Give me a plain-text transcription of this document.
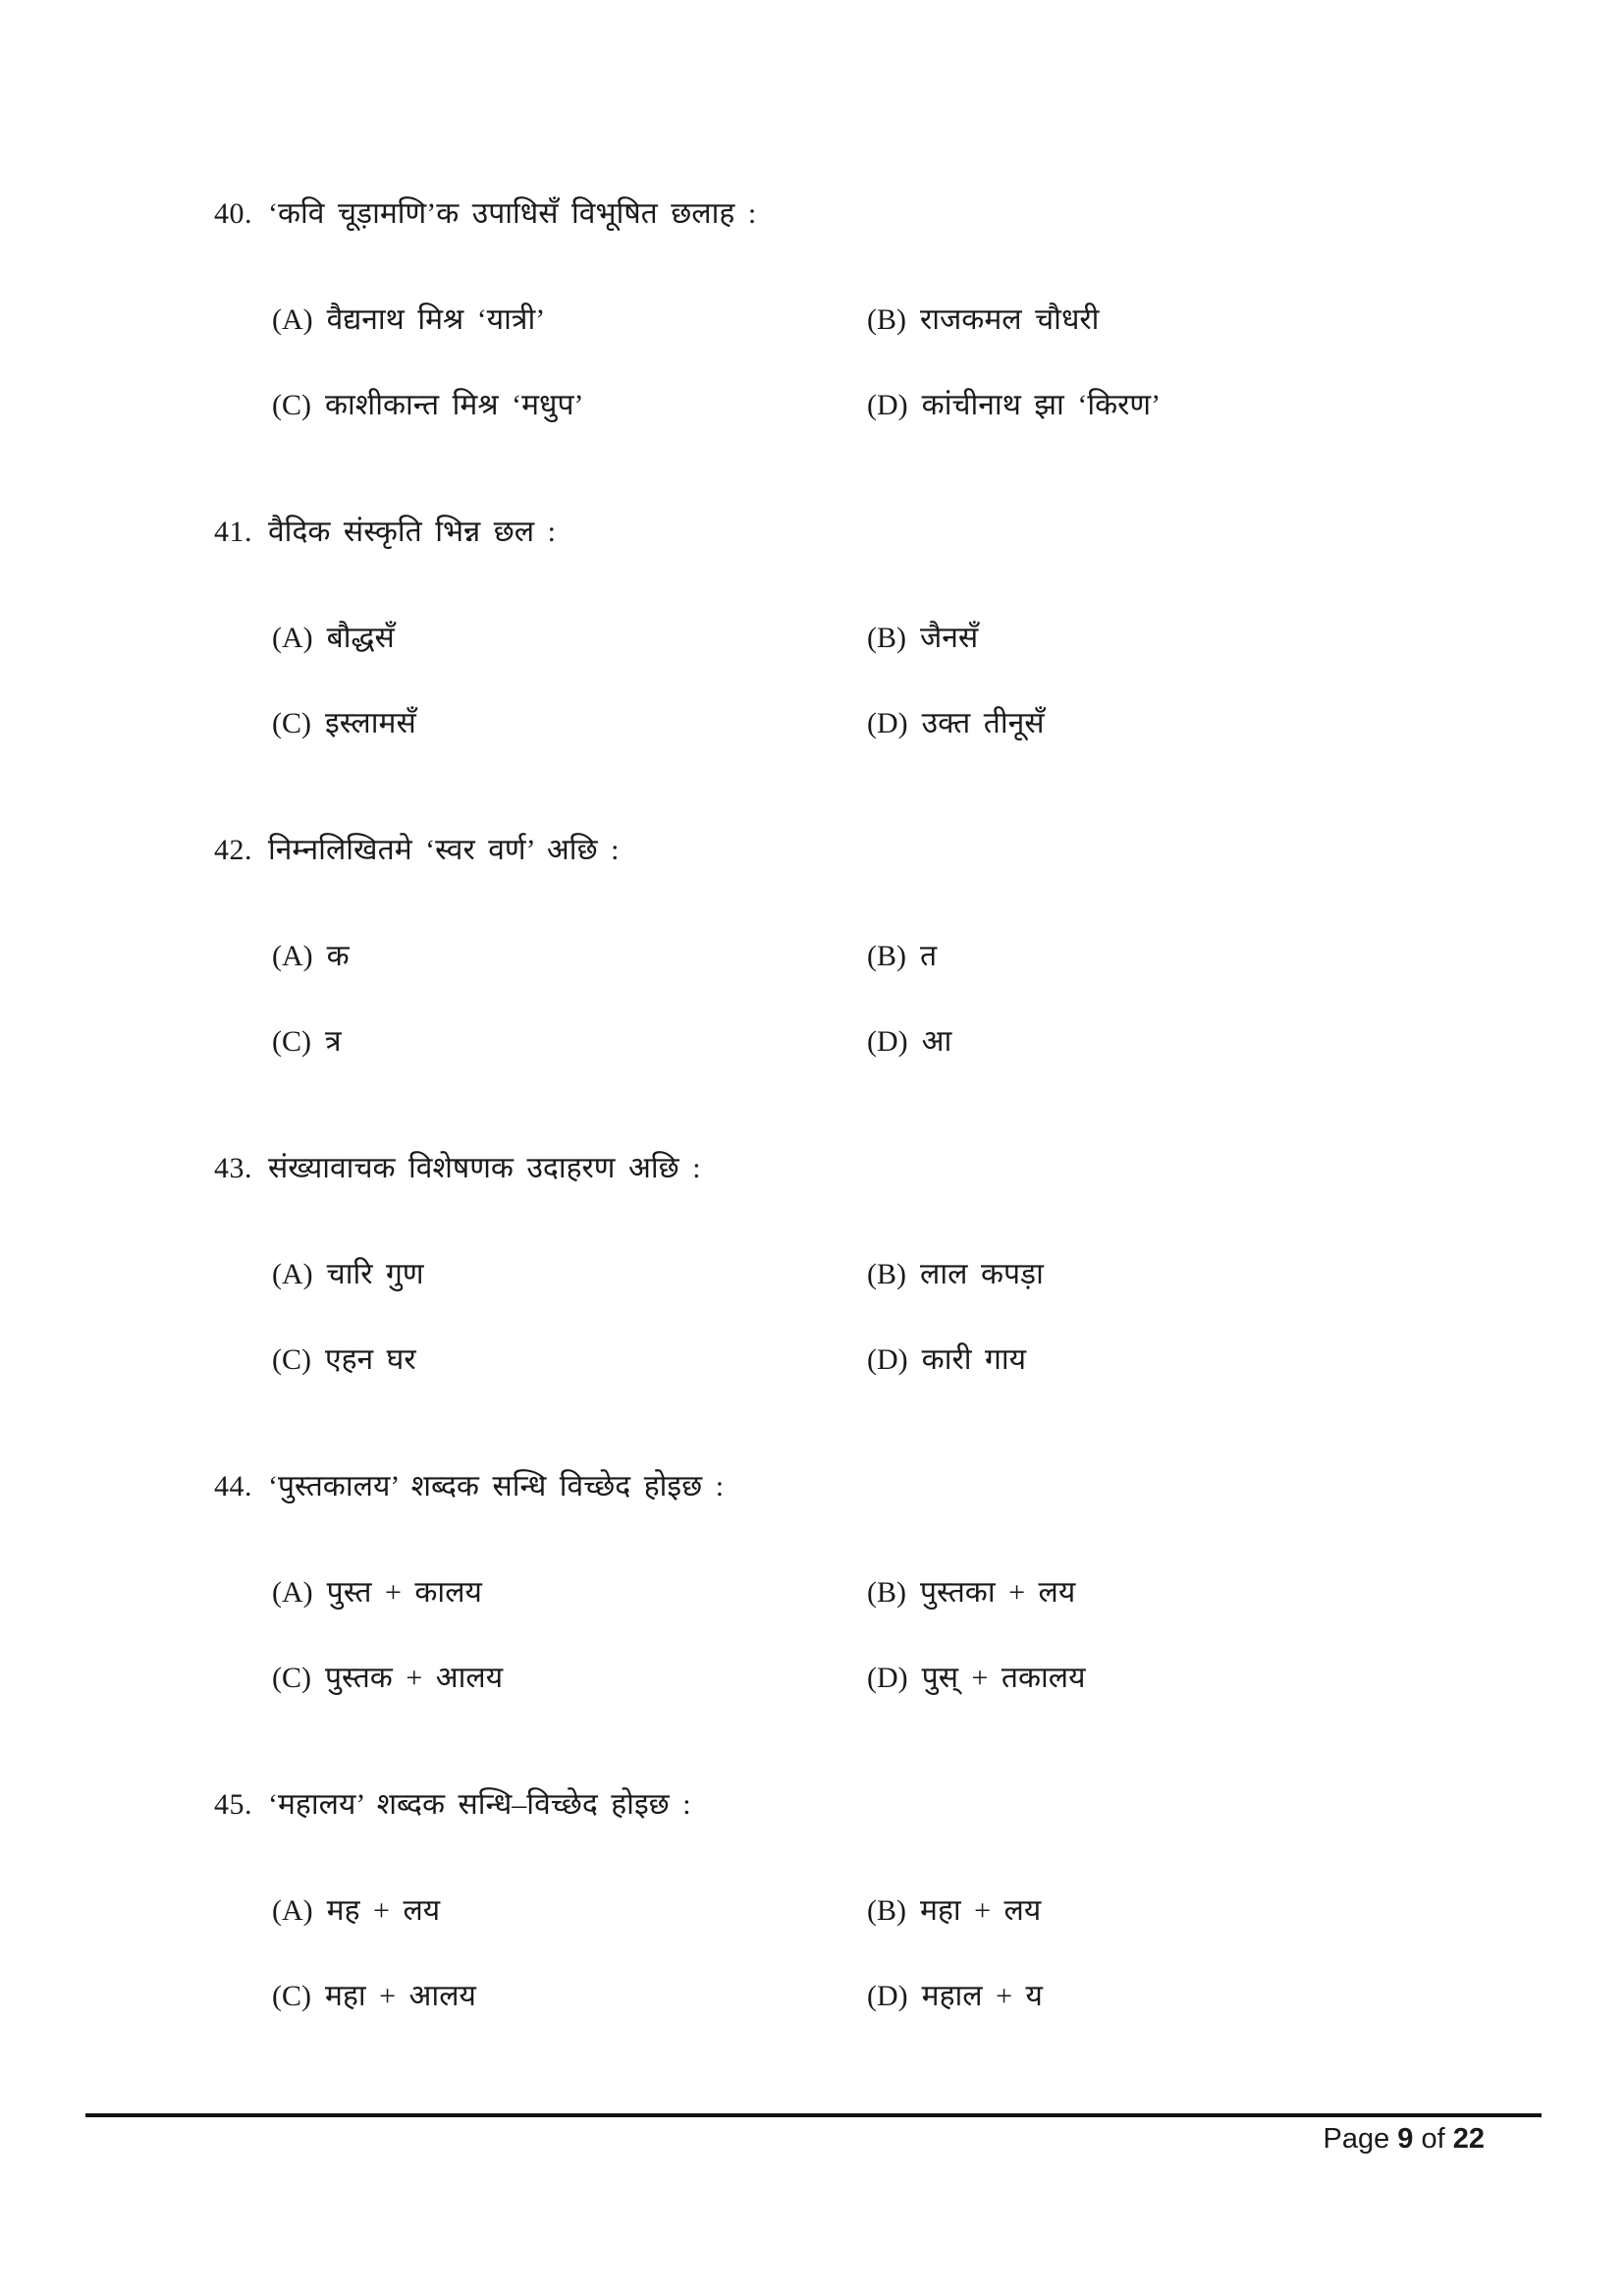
40. ‘कवि चूड़ामणि’क उपाधिसँ विभूषित छलाह :
(A) वैद्यनाथ मिश्र ‘यात्री’	(B) राजकमल चौधरी
(C) काशीकान्त मिश्र ‘मधुप’	(D) कांचीनाथ झा ‘किरण’
41. वैदिक संस्कृति भिन्न छल :
(A) बौद्धसँ	(B) जैनसँ
(C) इस्लामसँ	(D) उक्त तीनूसँ
42. निम्नलिखितमे ‘स्वर वर्ण’ अछि :
(A) क	(B) त
(C) त्र	(D) आ
43. संख्यावाचक विशेषणक उदाहरण अछि :
(A) चारि गुण	(B) लाल कपड़ा
(C) एहन घर	(D) कारी गाय
44. ‘पुस्तकालय’ शब्दक सन्धि विच्छेद होइछ :
(A) पुस्त + कालय	(B) पुस्तका + लय
(C) पुस्तक + आलय	(D) पुस् + तकालय
45. ‘महालय’ शब्दक सन्धि–विच्छेद होइछ :
(A) मह + लय	(B) महा + लय
(C) महा + आलय	(D) महाल + य
Page 9 of 22
